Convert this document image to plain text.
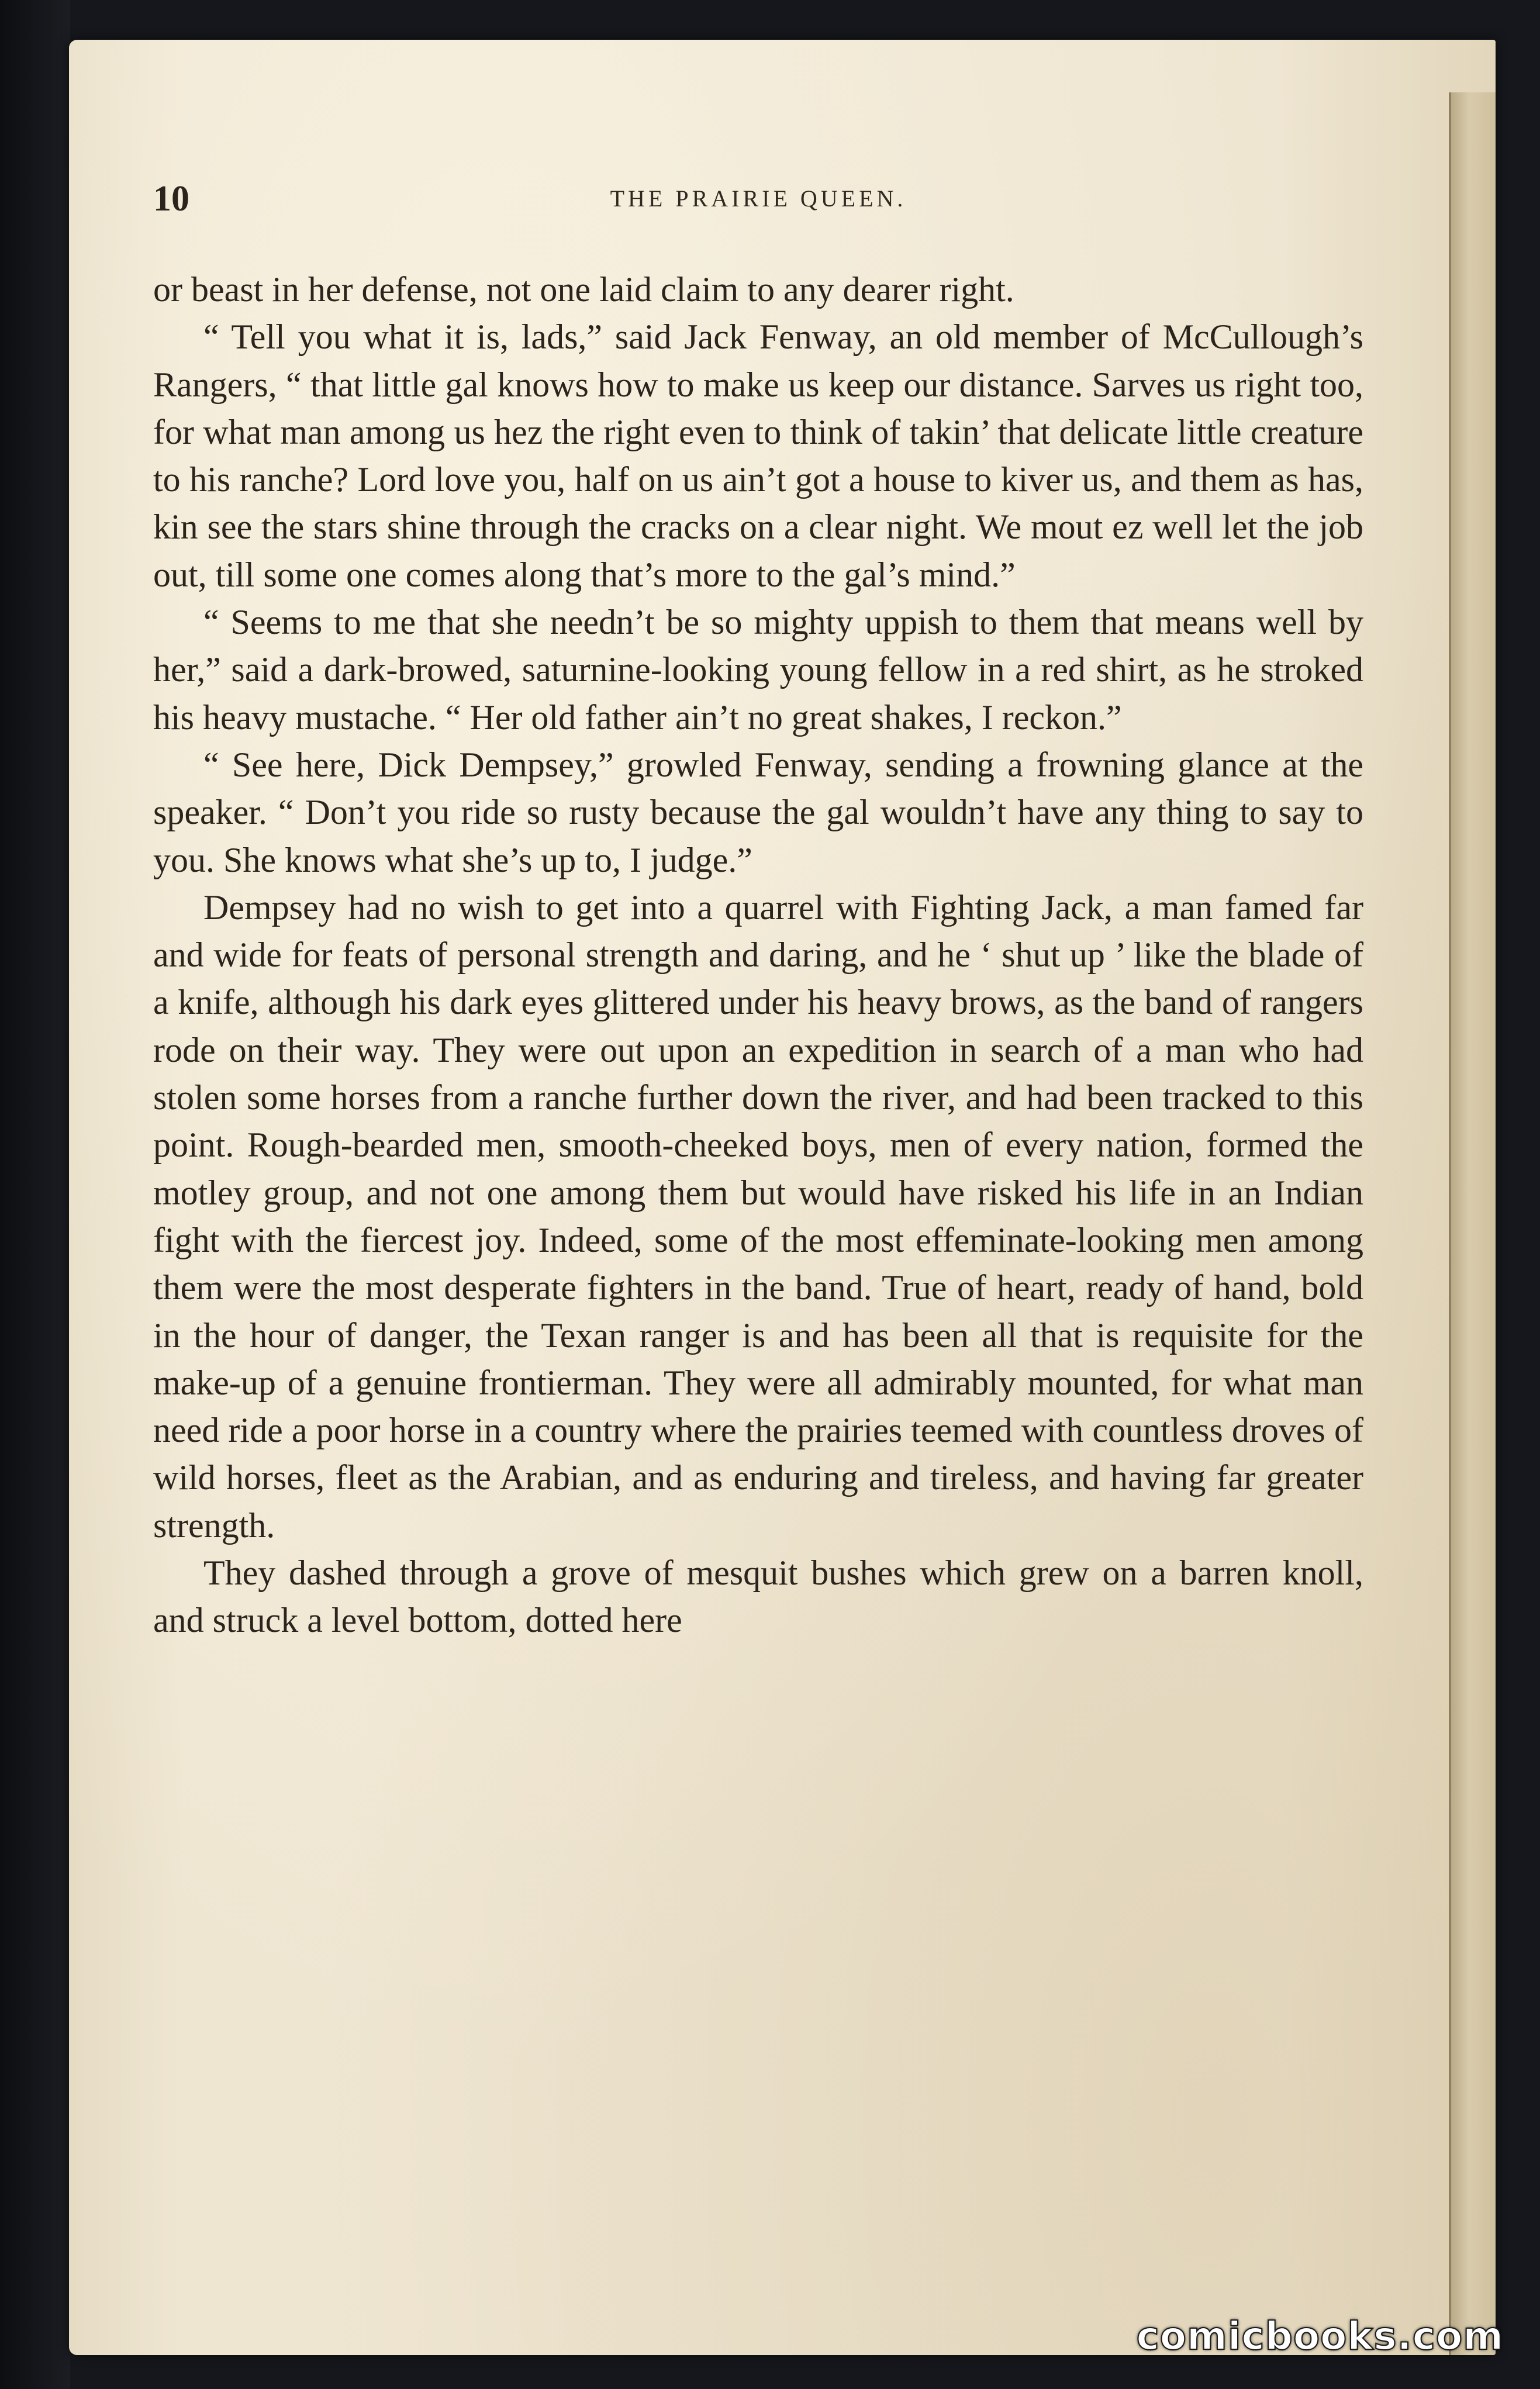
10	THE PRAIRIE QUEEN.

or beast in her defense, not one laid claim to any dearer right.

“ Tell you what it is, lads,” said Jack Fenway, an old member of McCullough’s Rangers, “ that little gal knows how to make us keep our distance. Sarves us right too, for what man among us hez the right even to think of takin’ that delicate little creature to his ranche? Lord love you, half on us ain’t got a house to kiver us, and them as has, kin see the stars shine through the cracks on a clear night. We mout ez well let the job out, till some one comes along that’s more to the gal’s mind.”

“ Seems to me that she needn’t be so mighty uppish to them that means well by her,” said a dark-browed, saturnine-looking young fellow in a red shirt, as he stroked his heavy mustache. “ Her old father ain’t no great shakes, I reckon.”

“ See here, Dick Dempsey,” growled Fenway, sending a frowning glance at the speaker. “ Don’t you ride so rusty because the gal wouldn’t have any thing to say to you. She knows what she’s up to, I judge.”

Dempsey had no wish to get into a quarrel with Fighting Jack, a man famed far and wide for feats of personal strength and daring, and he ‘ shut up ’ like the blade of a knife, although his dark eyes glittered under his heavy brows, as the band of rangers rode on their way. They were out upon an expedition in search of a man who had stolen some horses from a ranche further down the river, and had been tracked to this point. Rough-bearded men, smooth-cheeked boys, men of every nation, formed the motley group, and not one among them but would have risked his life in an Indian fight with the fiercest joy. Indeed, some of the most effeminate-looking men among them were the most desperate fighters in the band. True of heart, ready of hand, bold in the hour of danger, the Texan ranger is and has been all that is requisite for the make-up of a genuine frontierman. They were all admirably mounted, for what man need ride a poor horse in a country where the prairies teemed with countless droves of wild horses, fleet as the Arabian, and as enduring and tireless, and having far greater strength.

They dashed through a grove of mesquit bushes which grew on a barren knoll, and struck a level bottom, dotted here

comicbooks.com
